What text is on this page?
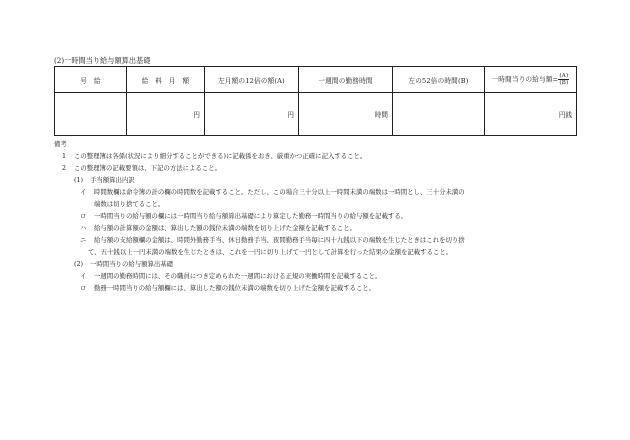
(2)一時間当り給与額算出基礎
号　給	給　料　月　額	左月額の12倍の額(A)	一週間の勤務時間	左の52倍の時間(B)	一時間当りの給与額= $\frac{(A)}{(B)}$

	円	円	時間		円銭
備考
1 この整理簿は各係(状況により細分することができる)に記載係をおき、厳重かつ正確に記入すること。
2 この整理簿の記載要領は、下記の方法によること。
(1) 手当額算出内訳
イ 時間数欄は命令簿の計の欄の時間数を記載すること。ただし、この場合三十分以上一時間未満の端数は一時間とし、三十分未満の
端数は切り捨てること。
ロ 一時間当りの給与額の欄には一時間当り給与額算出基礎により算定した勤務一時間当りの給与額を記載する。
ハ 給与額の計算額の金額は、算出した額の銭位未満の端数を切り上げた金額を記載すること。
ニ 給与額の支給額欄の金額は、時間外勤務手当、休日勤務手当、夜間勤務手当毎に四十九銭以下の端数を生じたときはこれを切り捨
て、五十銭以上一円未満の端数を生じたときは、これを一円に切り上げて一円として計算を行った結果の金額を記載すること。
(2) 一時間当りの給与額算出基礎
イ 一週間の勤務時間には、その職員につき定められた一週間における正規の実働時間を記載すること。
ロ 勤務一時間当りの給与額欄には、算出した額の銭位未満の端数を切り上げた金額を記載すること。
